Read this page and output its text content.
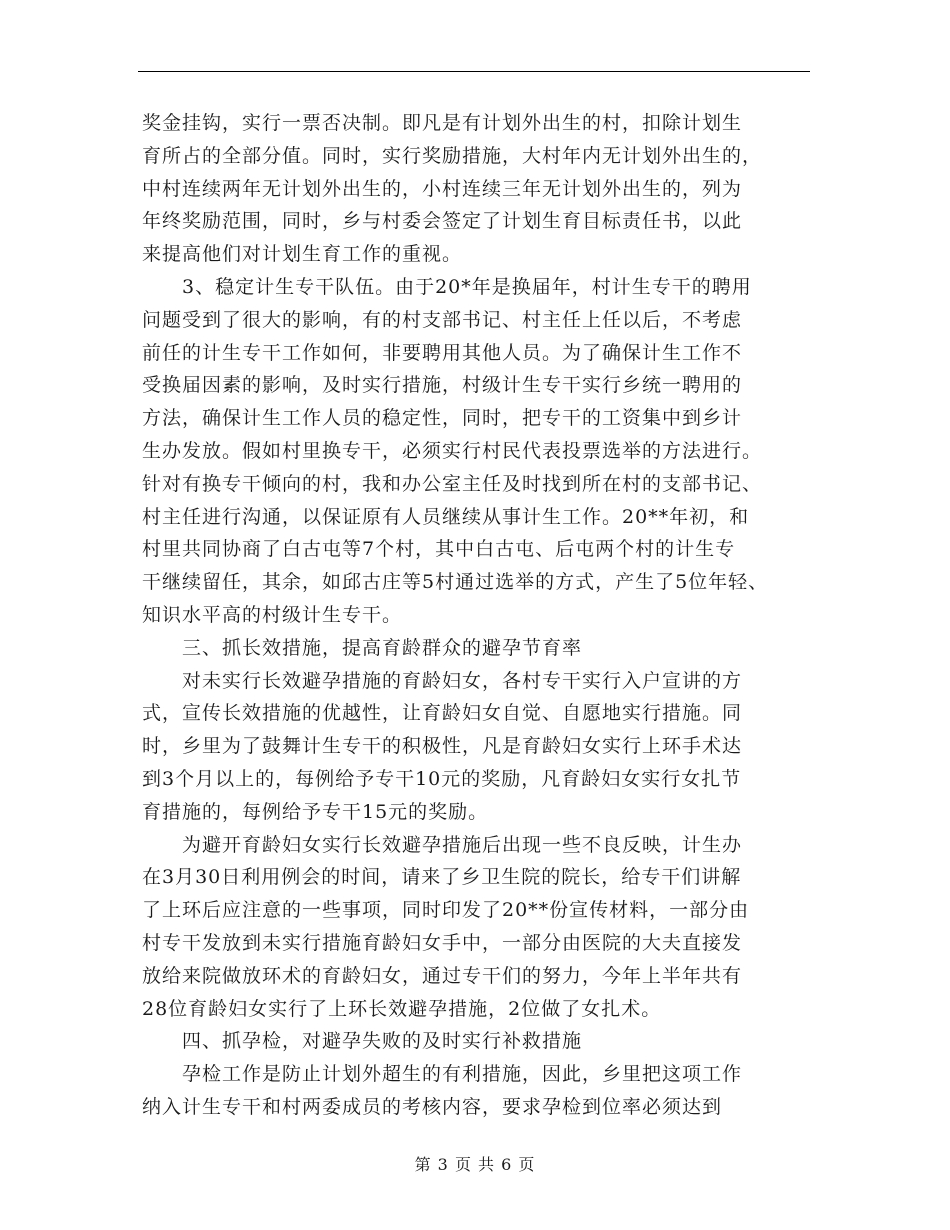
奖金挂钩，实行一票否决制。即凡是有计划外出生的村，扣除计划生
育所占的全部分值。同时，实行奖励措施，大村年内无计划外出生的，
中村连续两年无计划外出生的，小村连续三年无计划外出生的，列为
年终奖励范围，同时，乡与村委会签定了计划生育目标责任书，以此
来提高他们对计划生育工作的重视。
3、稳定计生专干队伍。由于20*年是换届年，村计生专干的聘用
问题受到了很大的影响，有的村支部书记、村主任上任以后，不考虑
前任的计生专干工作如何，非要聘用其他人员。为了确保计生工作不
受换届因素的影响，及时实行措施，村级计生专干实行乡统一聘用的
方法，确保计生工作人员的稳定性，同时，把专干的工资集中到乡计
生办发放。假如村里换专干，必须实行村民代表投票选举的方法进行。
针对有换专干倾向的村，我和办公室主任及时找到所在村的支部书记、
村主任进行沟通，以保证原有人员继续从事计生工作。20**年初，和
村里共同协商了白古屯等7个村，其中白古屯、后屯两个村的计生专
干继续留任，其余，如邱古庄等5村通过选举的方式，产生了5位年轻、
知识水平高的村级计生专干。
三、抓长效措施，提高育龄群众的避孕节育率
对未实行长效避孕措施的育龄妇女，各村专干实行入户宣讲的方
式，宣传长效措施的优越性，让育龄妇女自觉、自愿地实行措施。同
时，乡里为了鼓舞计生专干的积极性，凡是育龄妇女实行上环手术达
到3个月以上的，每例给予专干10元的奖励，凡育龄妇女实行女扎节
育措施的，每例给予专干15元的奖励。
为避开育龄妇女实行长效避孕措施后出现一些不良反映，计生办
在3月30日利用例会的时间，请来了乡卫生院的院长，给专干们讲解
了上环后应注意的一些事项，同时印发了20**份宣传材料，一部分由
村专干发放到未实行措施育龄妇女手中，一部分由医院的大夫直接发
放给来院做放环术的育龄妇女，通过专干们的努力，今年上半年共有
28位育龄妇女实行了上环长效避孕措施，2位做了女扎术。
四、抓孕检，对避孕失败的及时实行补救措施
孕检工作是防止计划外超生的有利措施，因此，乡里把这项工作
纳入计生专干和村两委成员的考核内容，要求孕检到位率必须达到
第 3 页 共 6 页
